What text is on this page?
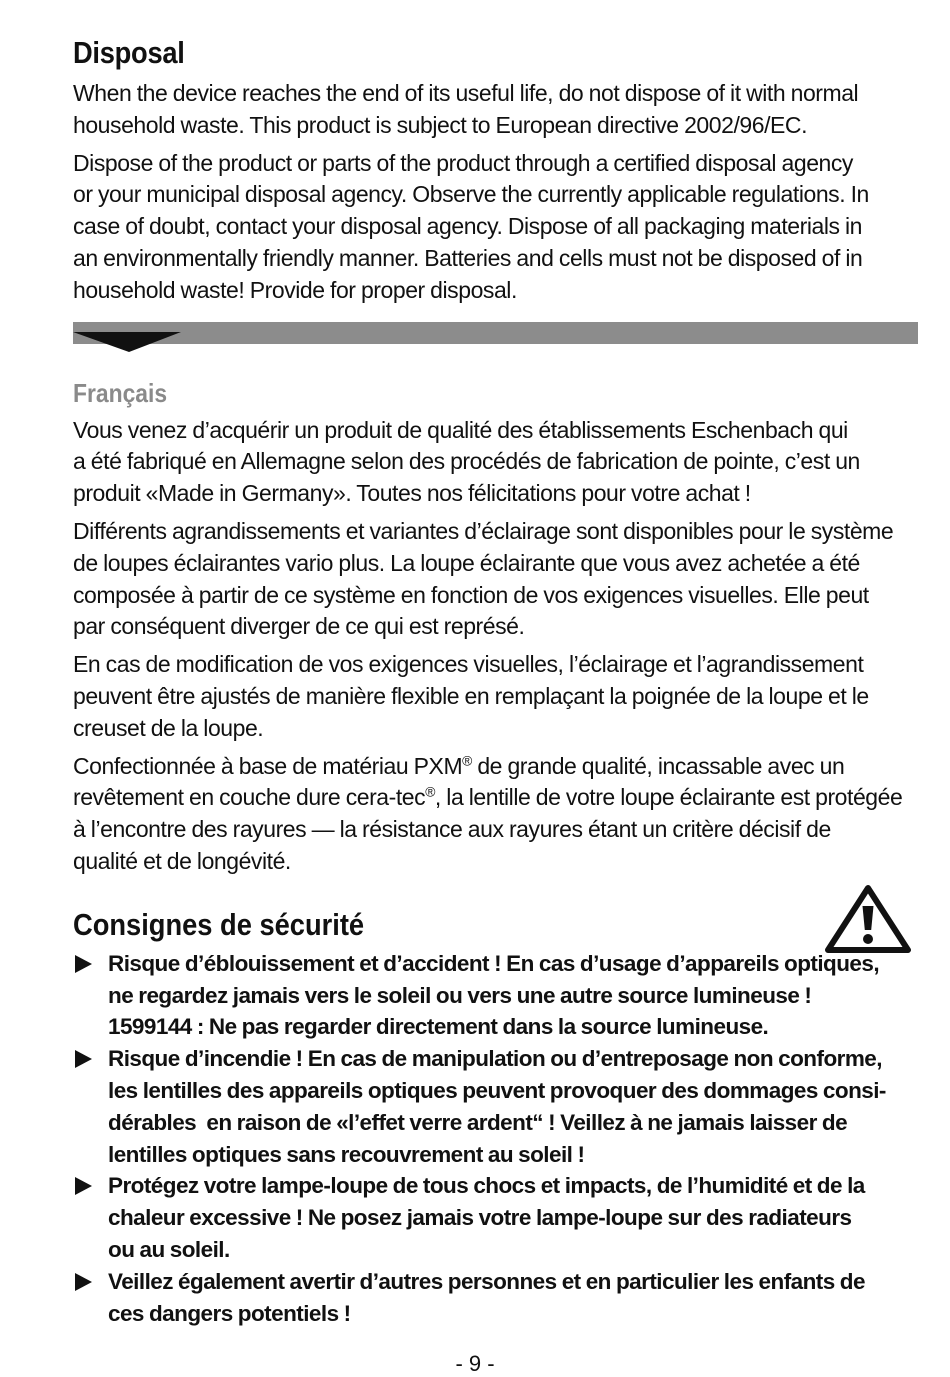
Disposal

When the device reaches the end of its useful life, do not dispose of it with normal
household waste. This product is subject to European directive 2002/96/EC.

Dispose of the product or parts of the product through a certified disposal agency
or your municipal disposal agency. Observe the currently applicable regulations. In
case of doubt, contact your disposal agency. Dispose of all packaging materials in
an environmentally friendly manner. Batteries and cells must not be disposed of in
household waste! Provide for proper disposal.

Français

Vous venez d’acquérir un produit de qualité des établissements Eschenbach qui
a été fabriqué en Allemagne selon des procédés de fabrication de pointe, c’est un
produit «Made in Germany». Toutes nos félicitations pour votre achat !

Différents agrandissements et variantes d’éclairage sont disponibles pour le système
de loupes éclairantes vario plus. La loupe éclairante que vous avez achetée a été
composée à partir de ce système en fonction de vos exigences visuelles. Elle peut
par conséquent diverger de ce qui est représé.

En cas de modification de vos exigences visuelles, l’éclairage et l’agrandissement
peuvent être ajustés de manière flexible en remplaçant la poignée de la loupe et le
creuset de la loupe.

Confectionnée à base de matériau PXM® de grande qualité, incassable avec un
revêtement en couche dure cera-tec®, la lentille de votre loupe éclairante est protégée
à l’encontre des rayures — la résistance aux rayures étant un critère décisif de
qualité et de longévité.

Consignes de sécurité
Risque d’éblouissement et d’accident ! En cas d’usage d’appareils optiques,
ne regardez jamais vers le soleil ou vers une autre source lumineuse !
1599144 : Ne pas regarder directement dans la source lumineuse.
Risque d’incendie ! En cas de manipulation ou d’entreposage non conforme,
les lentilles des appareils optiques peuvent provoquer des dommages consi-
dérables  en raison de «l’effet verre ardent“ ! Veillez à ne jamais laisser de
lentilles optiques sans recouvrement au soleil !
Protégez votre lampe-loupe de tous chocs et impacts, de l’humidité et de la
chaleur excessive ! Ne posez jamais votre lampe-loupe sur des radiateurs
ou au soleil.
Veillez également avertir d’autres personnes et en particulier les enfants de
ces dangers potentiels !
- 9 -
